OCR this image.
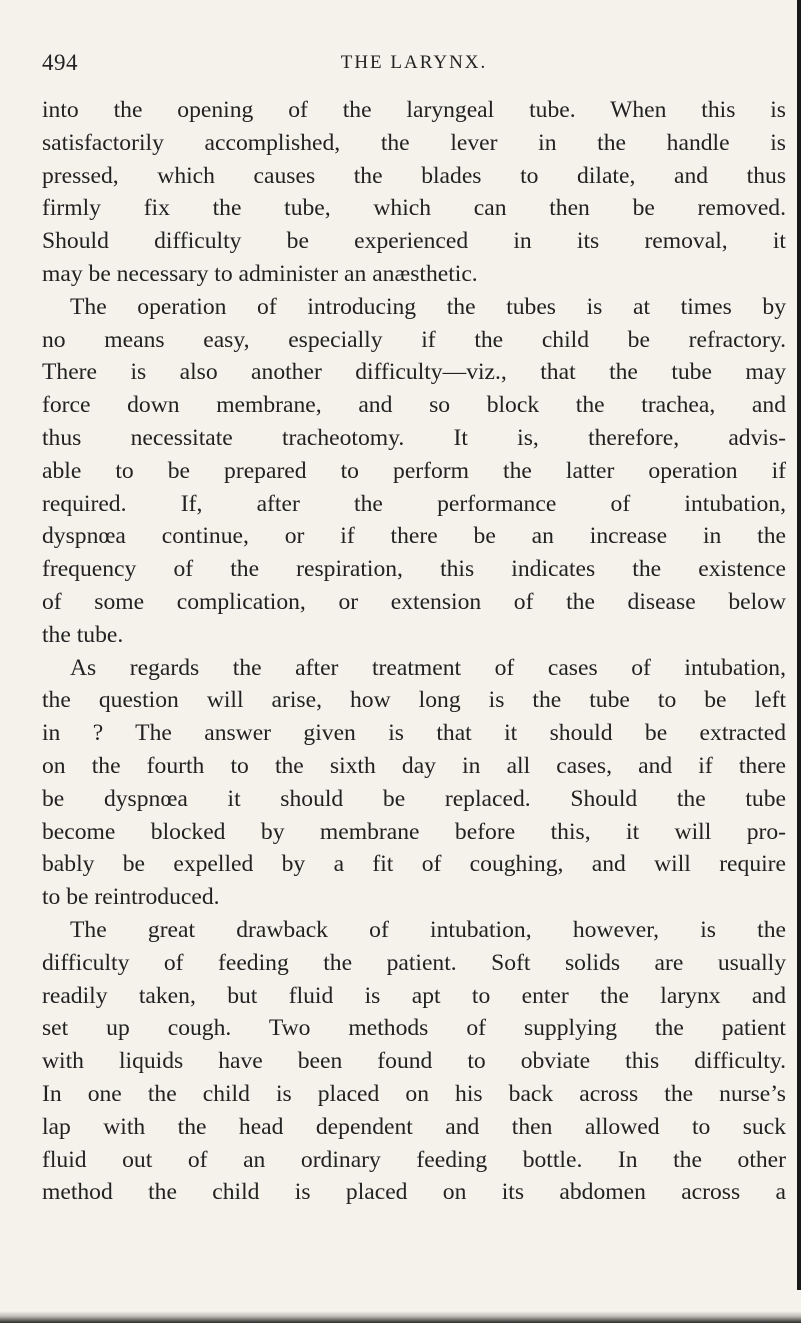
494	THE LARYNX.
into the opening of the laryngeal tube. When this is
satisfactorily accomplished, the lever in the handle is
pressed, which causes the blades to dilate, and thus
firmly fix the tube, which can then be removed.
Should difficulty be experienced in its removal, it
may be necessary to administer an anæsthetic.
The operation of introducing the tubes is at times by
no means easy, especially if the child be refractory.
There is also another difficulty—viz., that the tube may
force down membrane, and so block the trachea, and
thus necessitate tracheotomy. It is, therefore, advis-
able to be prepared to perform the latter operation if
required. If, after the performance of intubation,
dyspnœa continue, or if there be an increase in the
frequency of the respiration, this indicates the existence
of some complication, or extension of the disease below
the tube.
As regards the after treatment of cases of intubation,
the question will arise, how long is the tube to be left
in ? The answer given is that it should be extracted
on the fourth to the sixth day in all cases, and if there
be dyspnœa it should be replaced. Should the tube
become blocked by membrane before this, it will pro-
bably be expelled by a fit of coughing, and will require
to be reintroduced.
The great drawback of intubation, however, is the
difficulty of feeding the patient. Soft solids are usually
readily taken, but fluid is apt to enter the larynx and
set up cough. Two methods of supplying the patient
with liquids have been found to obviate this difficulty.
In one the child is placed on his back across the nurse’s
lap with the head dependent and then allowed to suck
fluid out of an ordinary feeding bottle. In the other
method the child is placed on its abdomen across a
